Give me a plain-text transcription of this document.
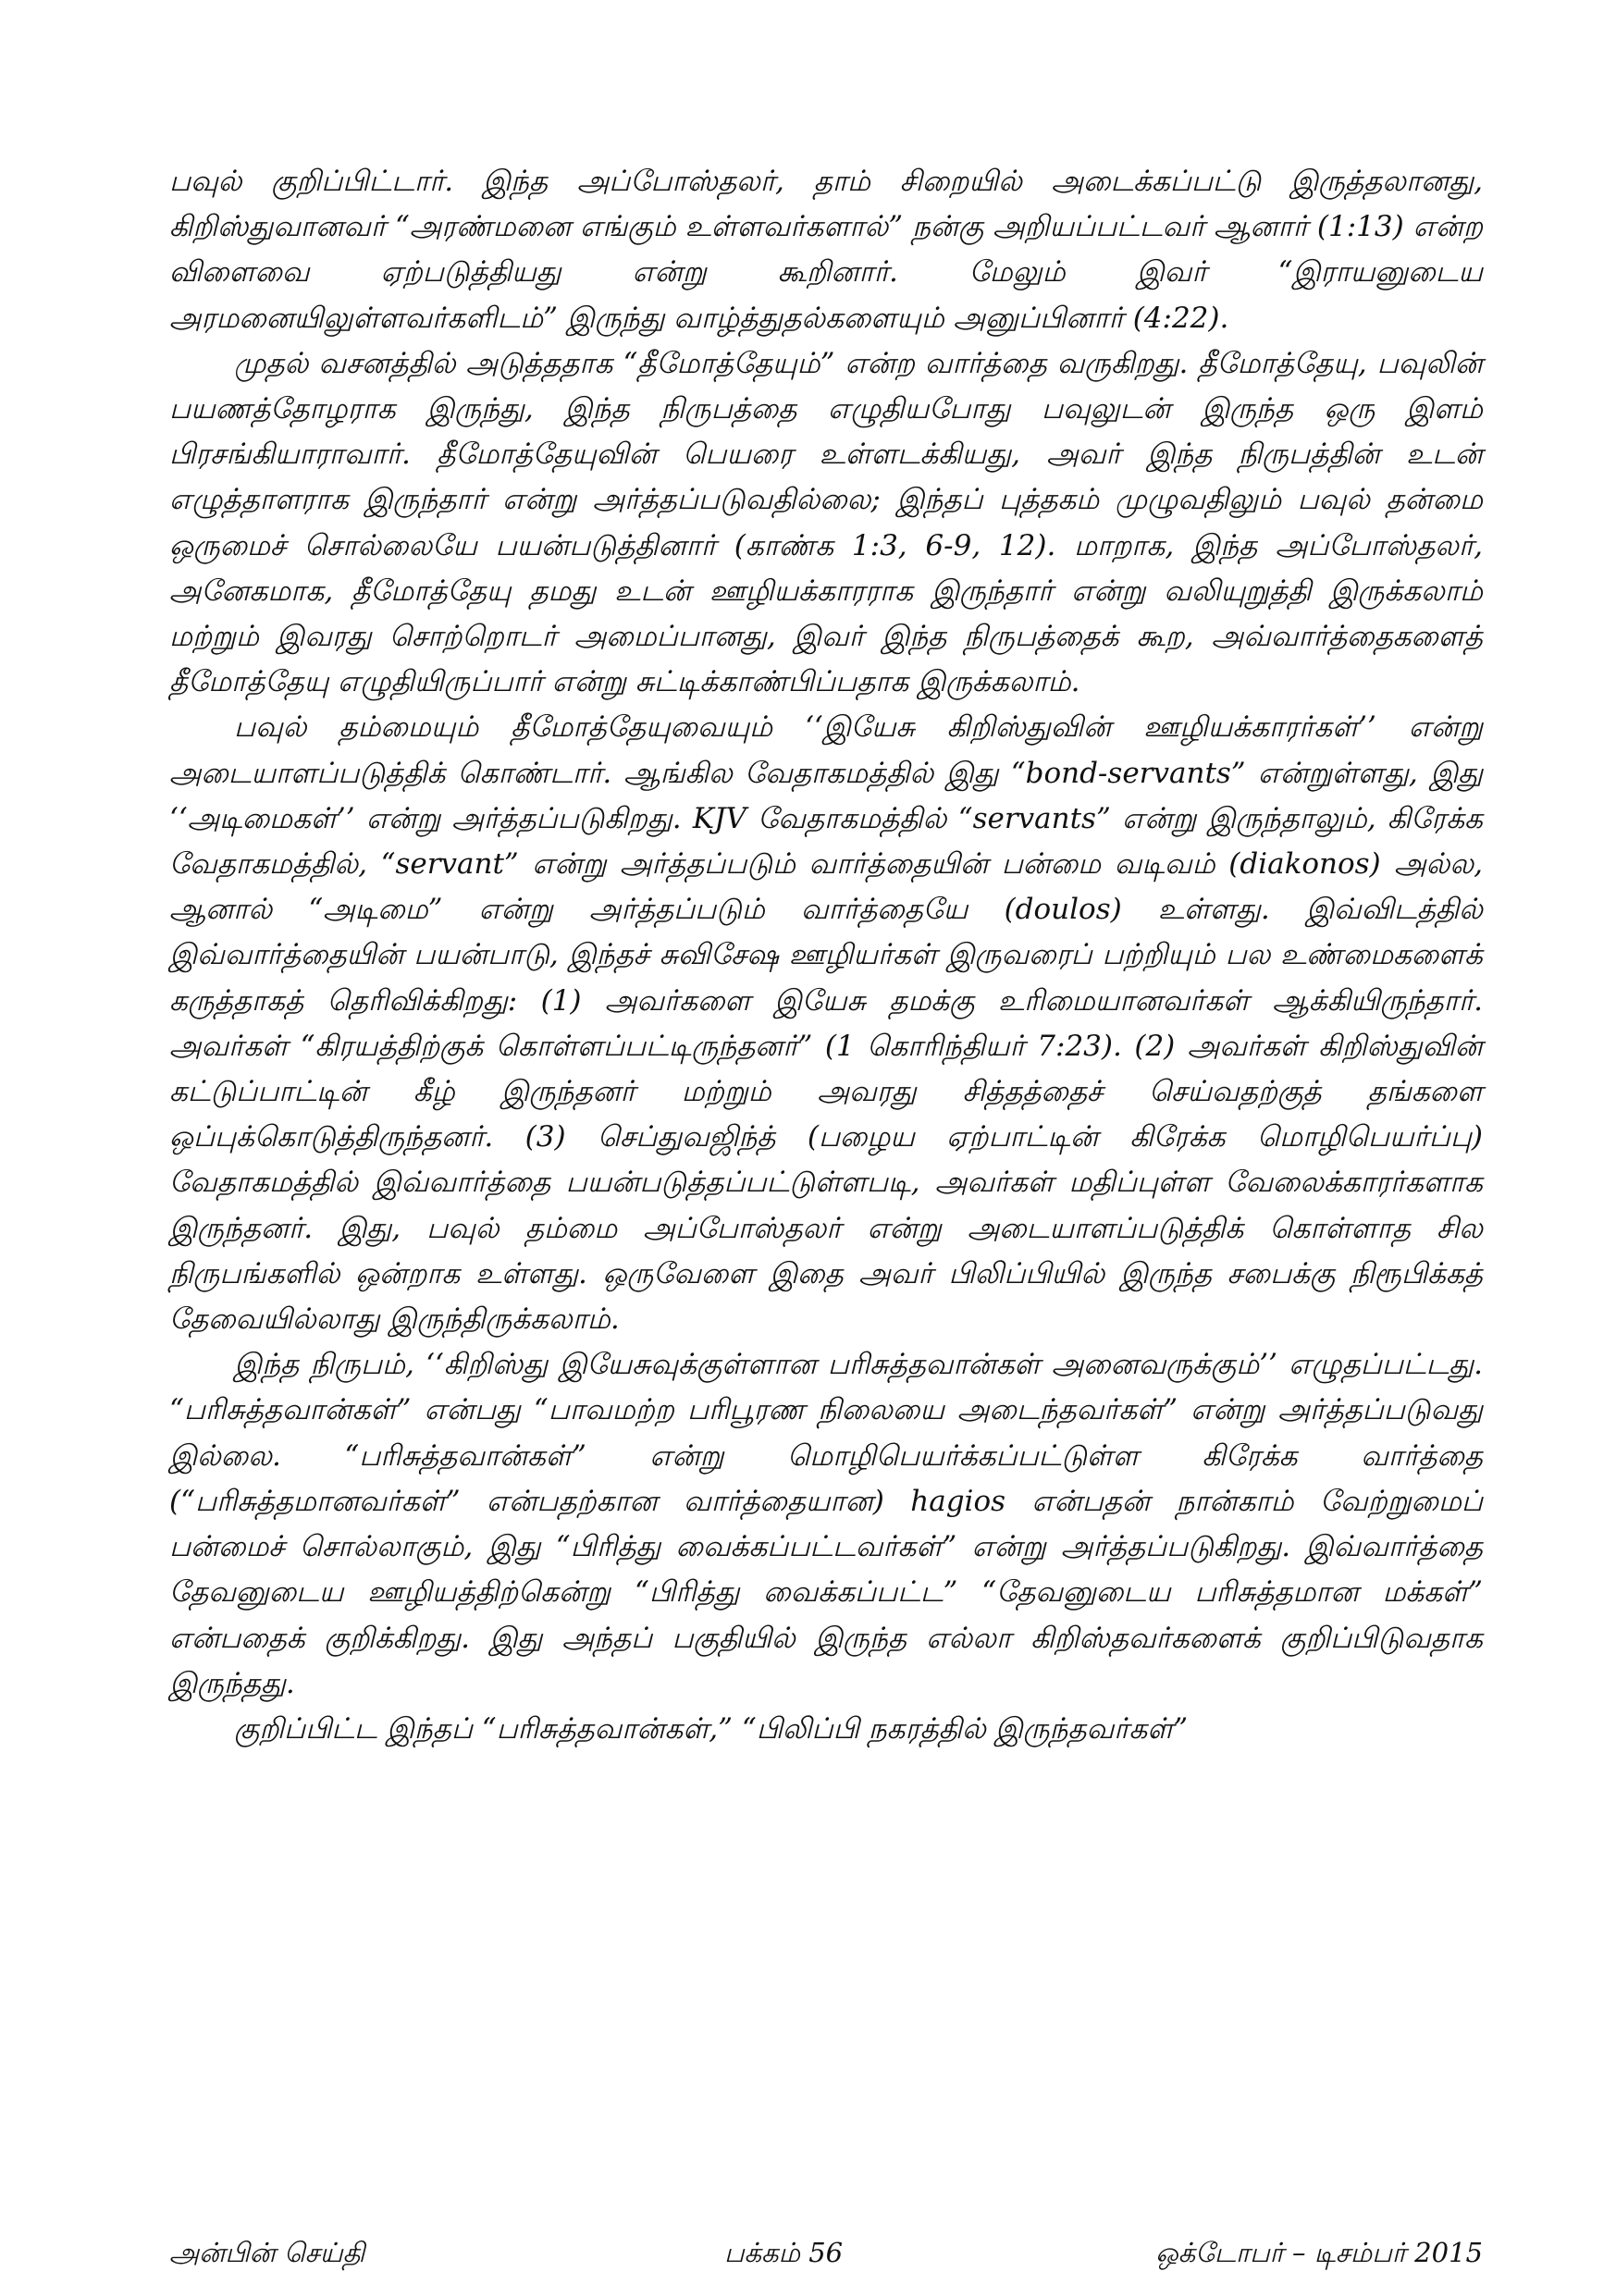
பவுல் குறிப்பிட்டார். இந்த அப்போஸ்தலர், தாம் சிறையில் அடைக்கப்பட்டு இருத்தலானது, கிறிஸ்துவானவர் “அரண்மனை எங்கும் உள்ளவர்களால்” நன்கு அறியப்பட்டவர் ஆனார் (1:13) என்ற விளைவை ஏற்படுத்தியது என்று கூறினார். மேலும் இவர் “இராயனுடைய அரமனையிலுள்ளவர்களிடம்” இருந்து வாழ்த்துதல்களையும் அனுப்பினார் (4:22).

முதல் வசனத்தில் அடுத்ததாக “தீமோத்தேயும்” என்ற வார்த்தை வருகிறது. தீமோத்தேயு, பவுலின் பயணத்தோழராக இருந்து, இந்த நிருபத்தை எழுதியபோது பவுலுடன் இருந்த ஒரு இளம் பிரசங்கியாராவார். தீமோத்தேயுவின் பெயரை உள்ளடக்கியது, அவர் இந்த நிருபத்தின் உடன் எழுத்தாளராக இருந்தார் என்று அர்த்தப்படுவதில்லை; இந்தப் புத்தகம் முழுவதிலும் பவுல் தன்மை ஒருமைச் சொல்லையே பயன்படுத்தினார் (காண்க 1:3, 6-9, 12). மாறாக, இந்த அப்போஸ்தலர், அனேகமாக, தீமோத்தேயு தமது உடன் ஊழியக்காரராக இருந்தார் என்று வலியுறுத்தி இருக்கலாம் மற்றும் இவரது சொற்றொடர் அமைப்பானது, இவர் இந்த நிருபத்தைக் கூற, அவ்வார்த்தைகளைத் தீமோத்தேயு எழுதியிருப்பார் என்று சுட்டிக்காண்பிப்பதாக இருக்கலாம்.

பவுல் தம்மையும் தீமோத்தேயுவையும் ‘‘இயேசு கிறிஸ்துவின் ஊழியக்காரர்கள்’’ என்று அடையாளப்படுத்திக் கொண்டார். ஆங்கில வேதாகமத்தில் இது “bond-servants” என்றுள்ளது, இது ‘‘அடிமைகள்’’ என்று அர்த்தப்படுகிறது. KJV வேதாகமத்தில் “servants” என்று இருந்தாலும், கிரேக்க வேதாகமத்தில், “servant” என்று அர்த்தப்படும் வார்த்தையின் பன்மை வடிவம் (diakonos) அல்ல, ஆனால் “அடிமை” என்று அர்த்தப்படும் வார்த்தையே (doulos) உள்ளது. இவ்விடத்தில் இவ்வார்த்தையின் பயன்பாடு, இந்தச் சுவிசேஷ ஊழியர்கள் இருவரைப் பற்றியும் பல உண்மைகளைக் கருத்தாகத் தெரிவிக்கிறது: (1) அவர்களை இயேசு தமக்கு உரிமையானவர்கள் ஆக்கியிருந்தார். அவர்கள் “கிரயத்திற்குக் கொள்ளப்பட்டிருந்தனர்” (1 கொரிந்தியர் 7:23). (2) அவர்கள் கிறிஸ்துவின் கட்டுப்பாட்டின் கீழ் இருந்தனர் மற்றும் அவரது சித்தத்தைச் செய்வதற்குத் தங்களை ஒப்புக்கொடுத்திருந்தனர். (3) செப்துவஜிந்த் (பழைய ஏற்பாட்டின் கிரேக்க மொழிபெயர்ப்பு) வேதாகமத்தில் இவ்வார்த்தை பயன்படுத்தப்பட்டுள்ளபடி, அவர்கள் மதிப்புள்ள வேலைக்காரர்களாக இருந்தனர். இது, பவுல் தம்மை அப்போஸ்தலர் என்று அடையாளப்படுத்திக் கொள்ளாத சில நிருபங்களில் ஒன்றாக உள்ளது. ஒருவேளை இதை அவர் பிலிப்பியில் இருந்த சபைக்கு நிரூபிக்கத் தேவையில்லாது இருந்திருக்கலாம்.

இந்த நிருபம், ‘‘கிறிஸ்து இயேசுவுக்குள்ளான பரிசுத்தவான்கள் அனைவருக்கும்’’ எழுதப்பட்டது. “பரிசுத்தவான்கள்” என்பது “பாவமற்ற பரிபூரண நிலையை அடைந்தவர்கள்” என்று அர்த்தப்படுவது இல்லை. “பரிசுத்தவான்கள்” என்று மொழிபெயர்க்கப்பட்டுள்ள கிரேக்க வார்த்தை (“பரிசுத்தமானவர்கள்” என்பதற்கான வார்த்தையான) hagios என்பதன் நான்காம் வேற்றுமைப் பன்மைச் சொல்லாகும், இது “பிரித்து வைக்கப்பட்டவர்கள்” என்று அர்த்தப்படுகிறது. இவ்வார்த்தை தேவனுடைய ஊழியத்திற்கென்று “பிரித்து வைக்கப்பட்ட” “தேவனுடைய பரிசுத்தமான மக்கள்” என்பதைக் குறிக்கிறது. இது அந்தப் பகுதியில் இருந்த எல்லா கிறிஸ்தவர்களைக் குறிப்பிடுவதாக இருந்தது.

குறிப்பிட்ட இந்தப் “பரிசுத்தவான்கள்,” “பிலிப்பி நகரத்தில் இருந்தவர்கள்”

அன்பின் செய்தி	பக்கம் 56	ஒக்டோபர் – டிசம்பர் 2015
